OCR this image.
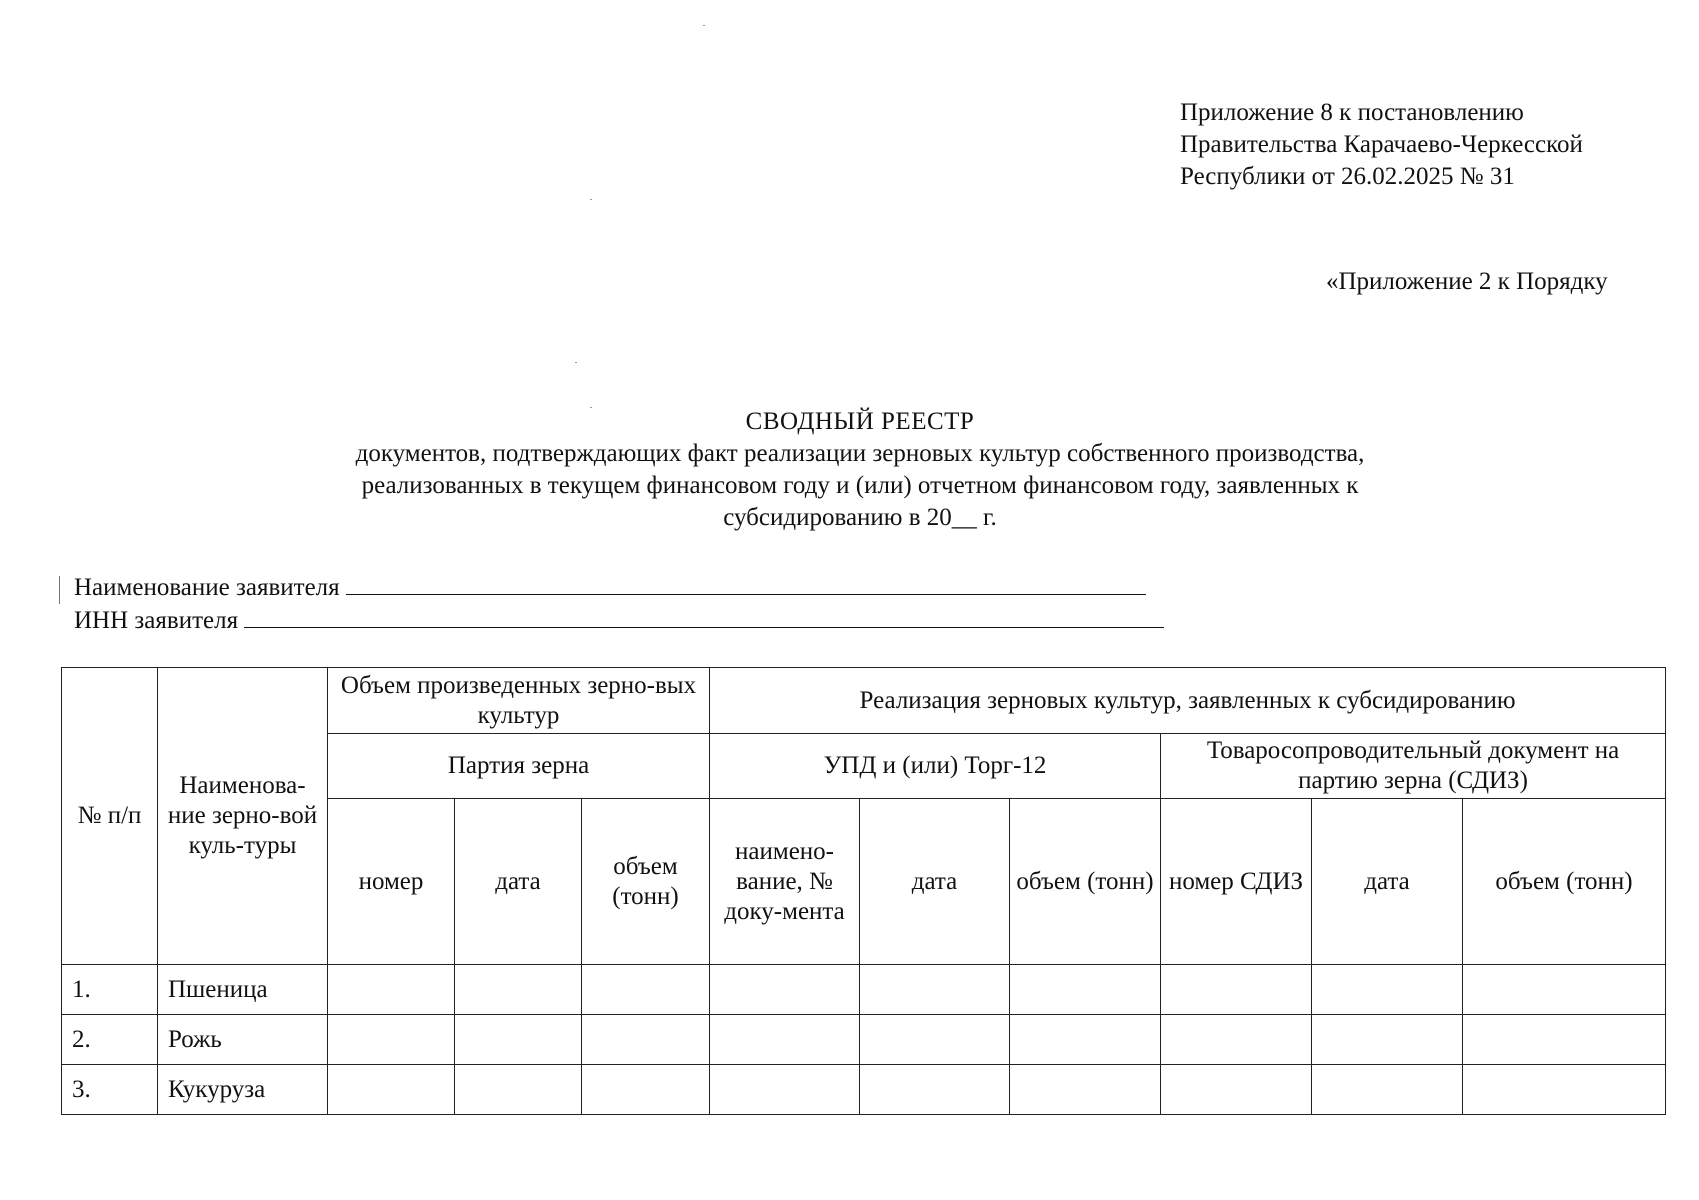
Приложение 8 к постановлению
Правительства Карачаево-Черкесской
Республики от 26.02.2025 № 31
«Приложение 2 к Порядку
СВОДНЫЙ РЕЕСТР
документов, подтверждающих факт реализации зерновых культур собственного производства,
реализованных в текущем финансовом году и (или) отчетном финансовом году, заявленных к
субсидированию в 20__ г.
Наименование заявителя
ИНН заявителя
№ п/п	Наименова-ние зерно-вой куль-туры	Объем произведенных зерно-вых культур			Реализация зерновых культур, заявленных к субсидированию					
		Партия зерна			УПД и (или) Торг-12			Товаросопроводительный документ на партию зерна (СДИЗ)		
		номер	дата	объем (тонн)	наимено-вание, № доку-мента	дата	объем (тонн)	номер СДИЗ	дата	объем (тонн)
1.	Пшеница									
2.	Рожь									
3.	Кукуруза									
